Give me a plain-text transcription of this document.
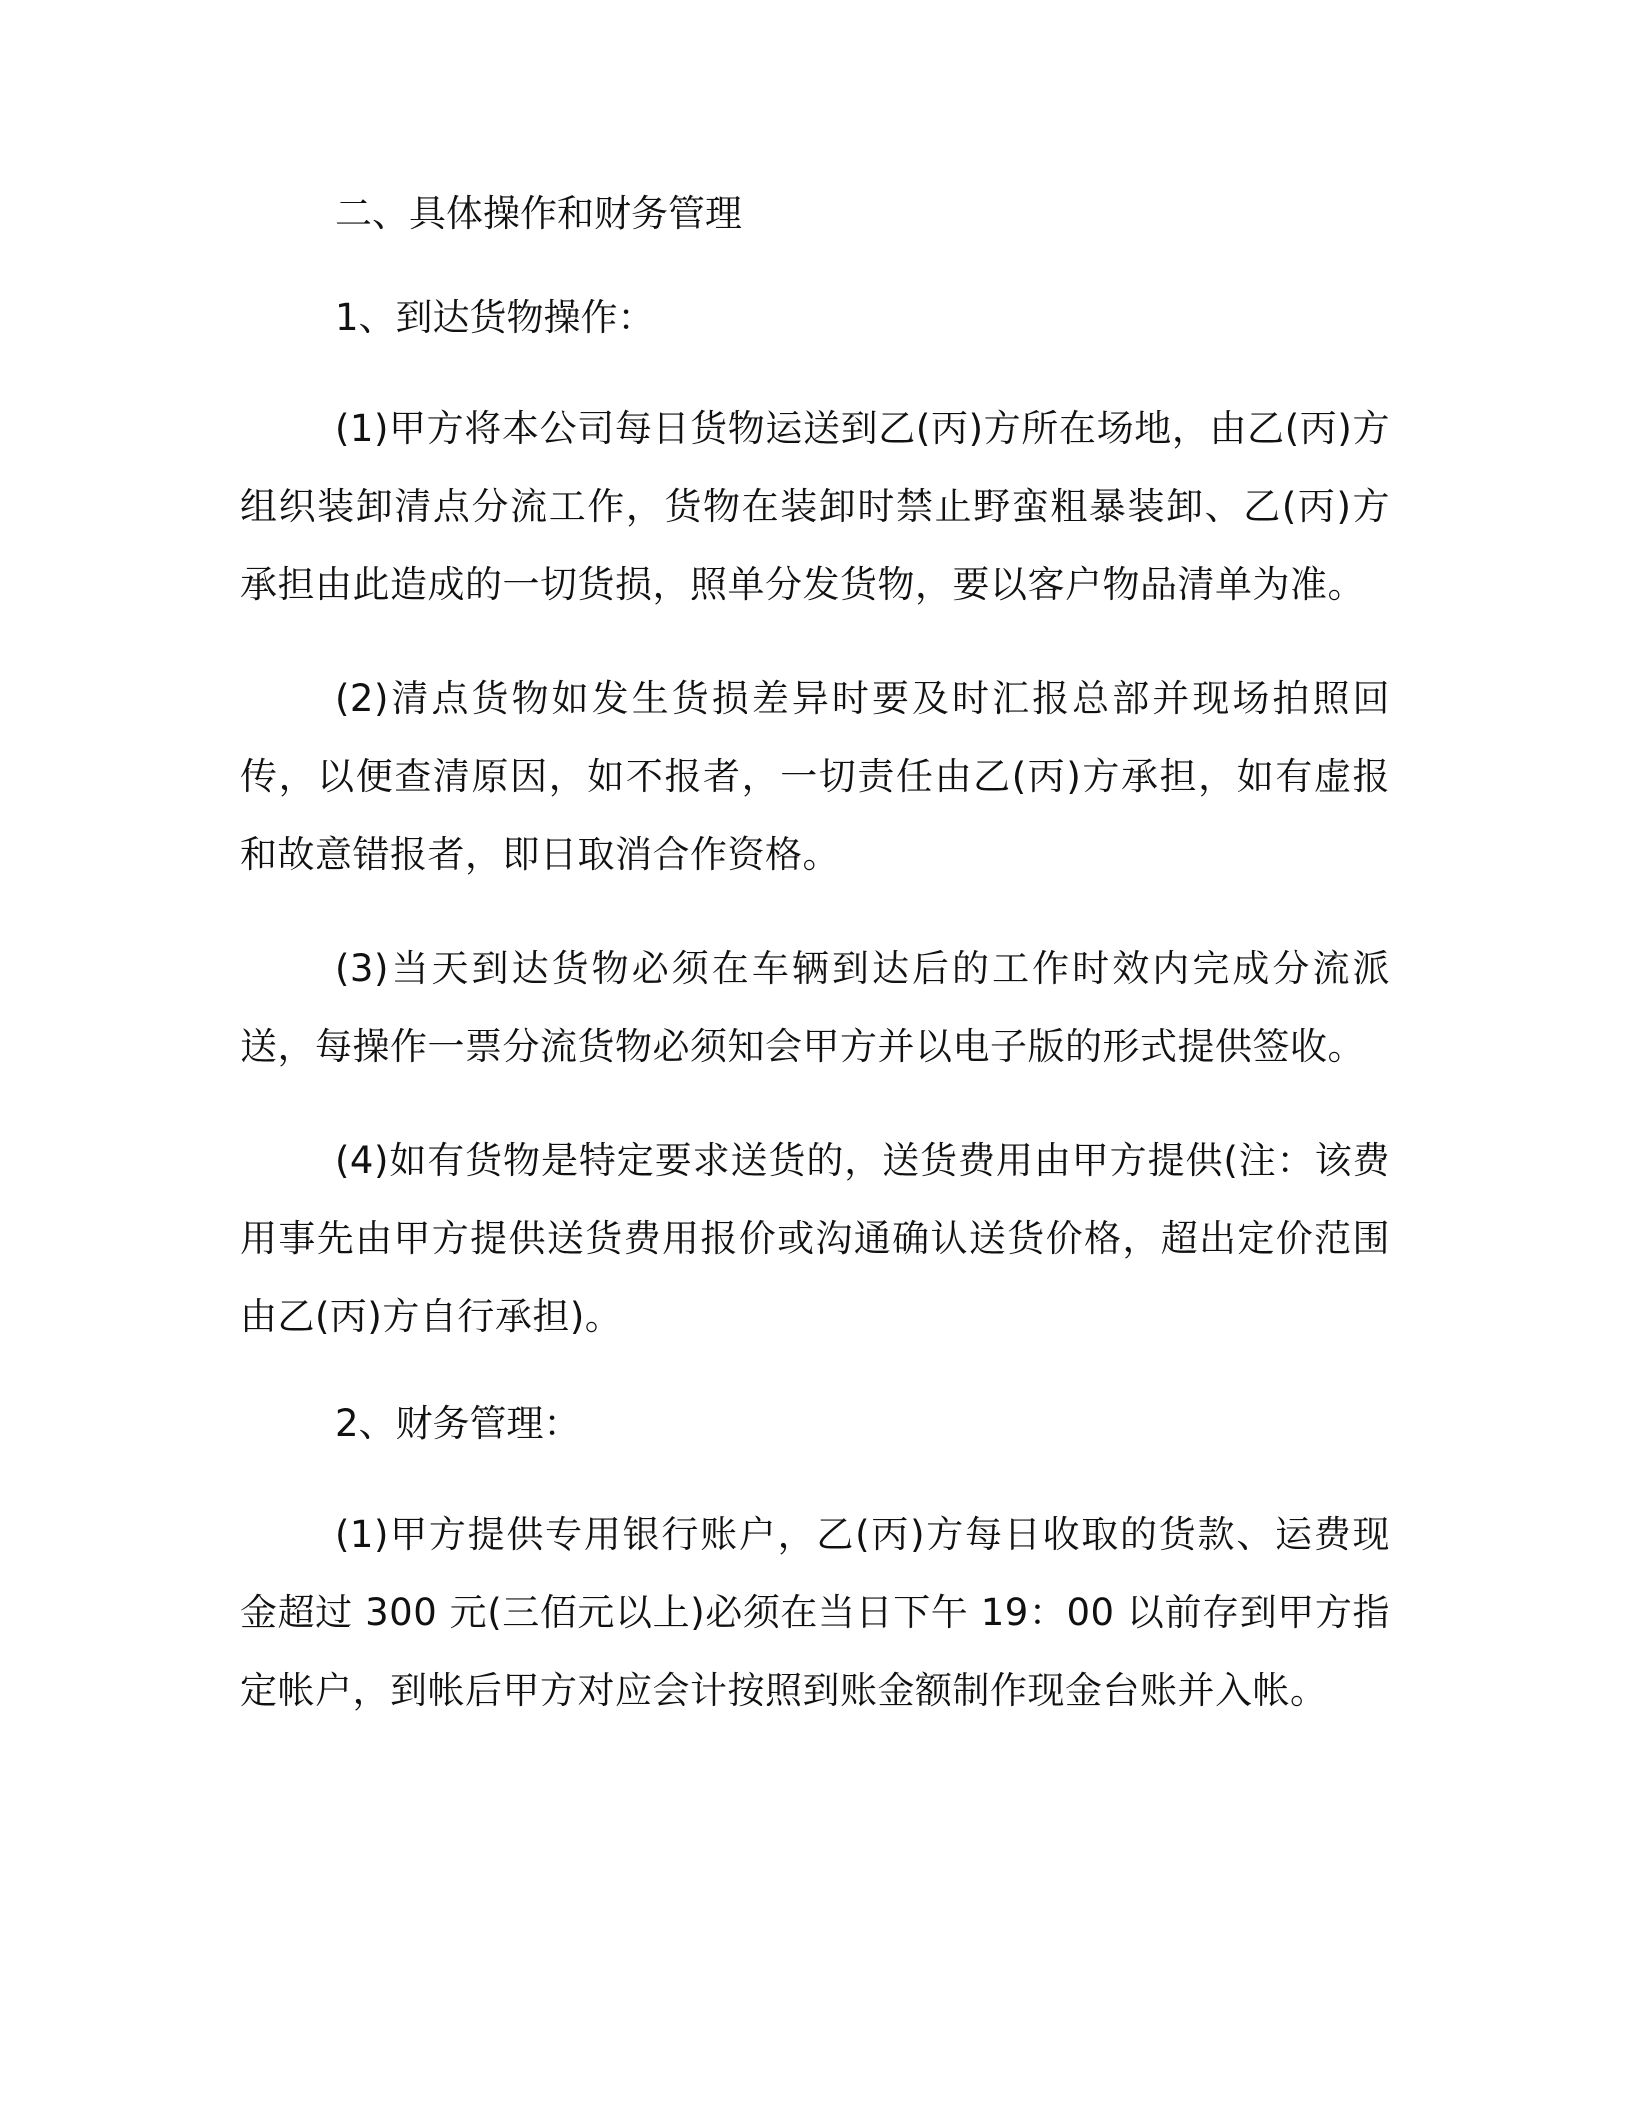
二、具体操作和财务管理
1、到达货物操作：

(1)甲方将本公司每日货物运送到乙(丙)方所在场地，由乙(丙)方组织装卸清点分流工作，货物在装卸时禁止野蛮粗暴装卸、乙(丙)方承担由此造成的一切货损，照单分发货物，要以客户物品清单为准。

(2)清点货物如发生货损差异时要及时汇报总部并现场拍照回传，以便查清原因，如不报者，一切责任由乙(丙)方承担，如有虚报和故意错报者，即日取消合作资格。

(3)当天到达货物必须在车辆到达后的工作时效内完成分流派送，每操作一票分流货物必须知会甲方并以电子版的形式提供签收。

(4)如有货物是特定要求送货的，送货费用由甲方提供(注：该费用事先由甲方提供送货费用报价或沟通确认送货价格，超出定价范围由乙(丙)方自行承担)。

2、财务管理：

(1)甲方提供专用银行账户，乙(丙)方每日收取的货款、运费现金超过 300 元(三佰元以上)必须在当日下午 19：00 以前存到甲方指定帐户，到帐后甲方对应会计按照到账金额制作现金台账并入帐。
